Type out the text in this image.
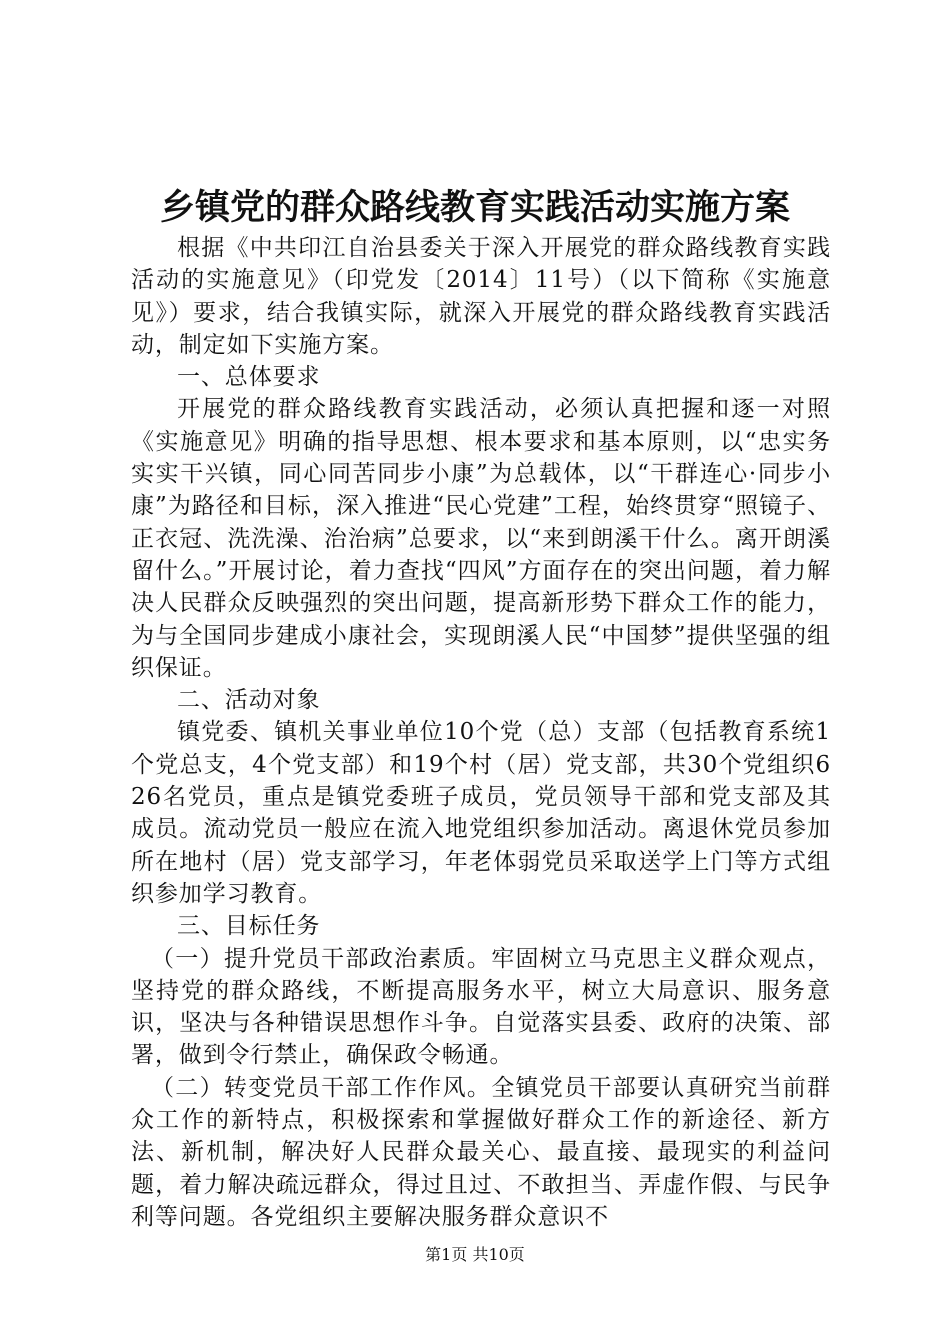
乡镇党的群众路线教育实践活动实施方案

根据《中共印江自治县委关于深入开展党的群众路线教育实践活动的实施意见》（印党发〔2014〕11号）（以下简称《实施意见》）要求，结合我镇实际，就深入开展党的群众路线教育实践活动，制定如下实施方案。

一、总体要求

开展党的群众路线教育实践活动，必须认真把握和逐一对照《实施意见》明确的指导思想、根本要求和基本原则，以“忠实务实实干兴镇，同心同苦同步小康”为总载体，以“干群连心·同步小康”为路径和目标，深入推进“民心党建”工程，始终贯穿“照镜子、正衣冠、洗洗澡、治治病”总要求，以“来到朗溪干什么。离开朗溪留什么。”开展讨论，着力查找“四风”方面存在的突出问题，着力解决人民群众反映强烈的突出问题，提高新形势下群众工作的能力，为与全国同步建成小康社会，实现朗溪人民“中国梦”提供坚强的组织保证。

二、活动对象

镇党委、镇机关事业单位10个党（总）支部（包括教育系统1个党总支，4个党支部）和19个村（居）党支部，共30个党组织626名党员，重点是镇党委班子成员，党员领导干部和党支部及其成员。流动党员一般应在流入地党组织参加活动。离退休党员参加所在地村（居）党支部学习，年老体弱党员采取送学上门等方式组织参加学习教育。

三、目标任务

（一）提升党员干部政治素质。牢固树立马克思主义群众观点，坚持党的群众路线，不断提高服务水平，树立大局意识、服务意识，坚决与各种错误思想作斗争。自觉落实县委、政府的决策、部署，做到令行禁止，确保政令畅通。

（二）转变党员干部工作作风。全镇党员干部要认真研究当前群众工作的新特点，积极探索和掌握做好群众工作的新途径、新方法、新机制，解决好人民群众最关心、最直接、最现实的利益问题，着力解决疏远群众，得过且过、不敢担当、弄虚作假、与民争利等问题。各党组织主要解决服务群众意识不

第1页 共10页
